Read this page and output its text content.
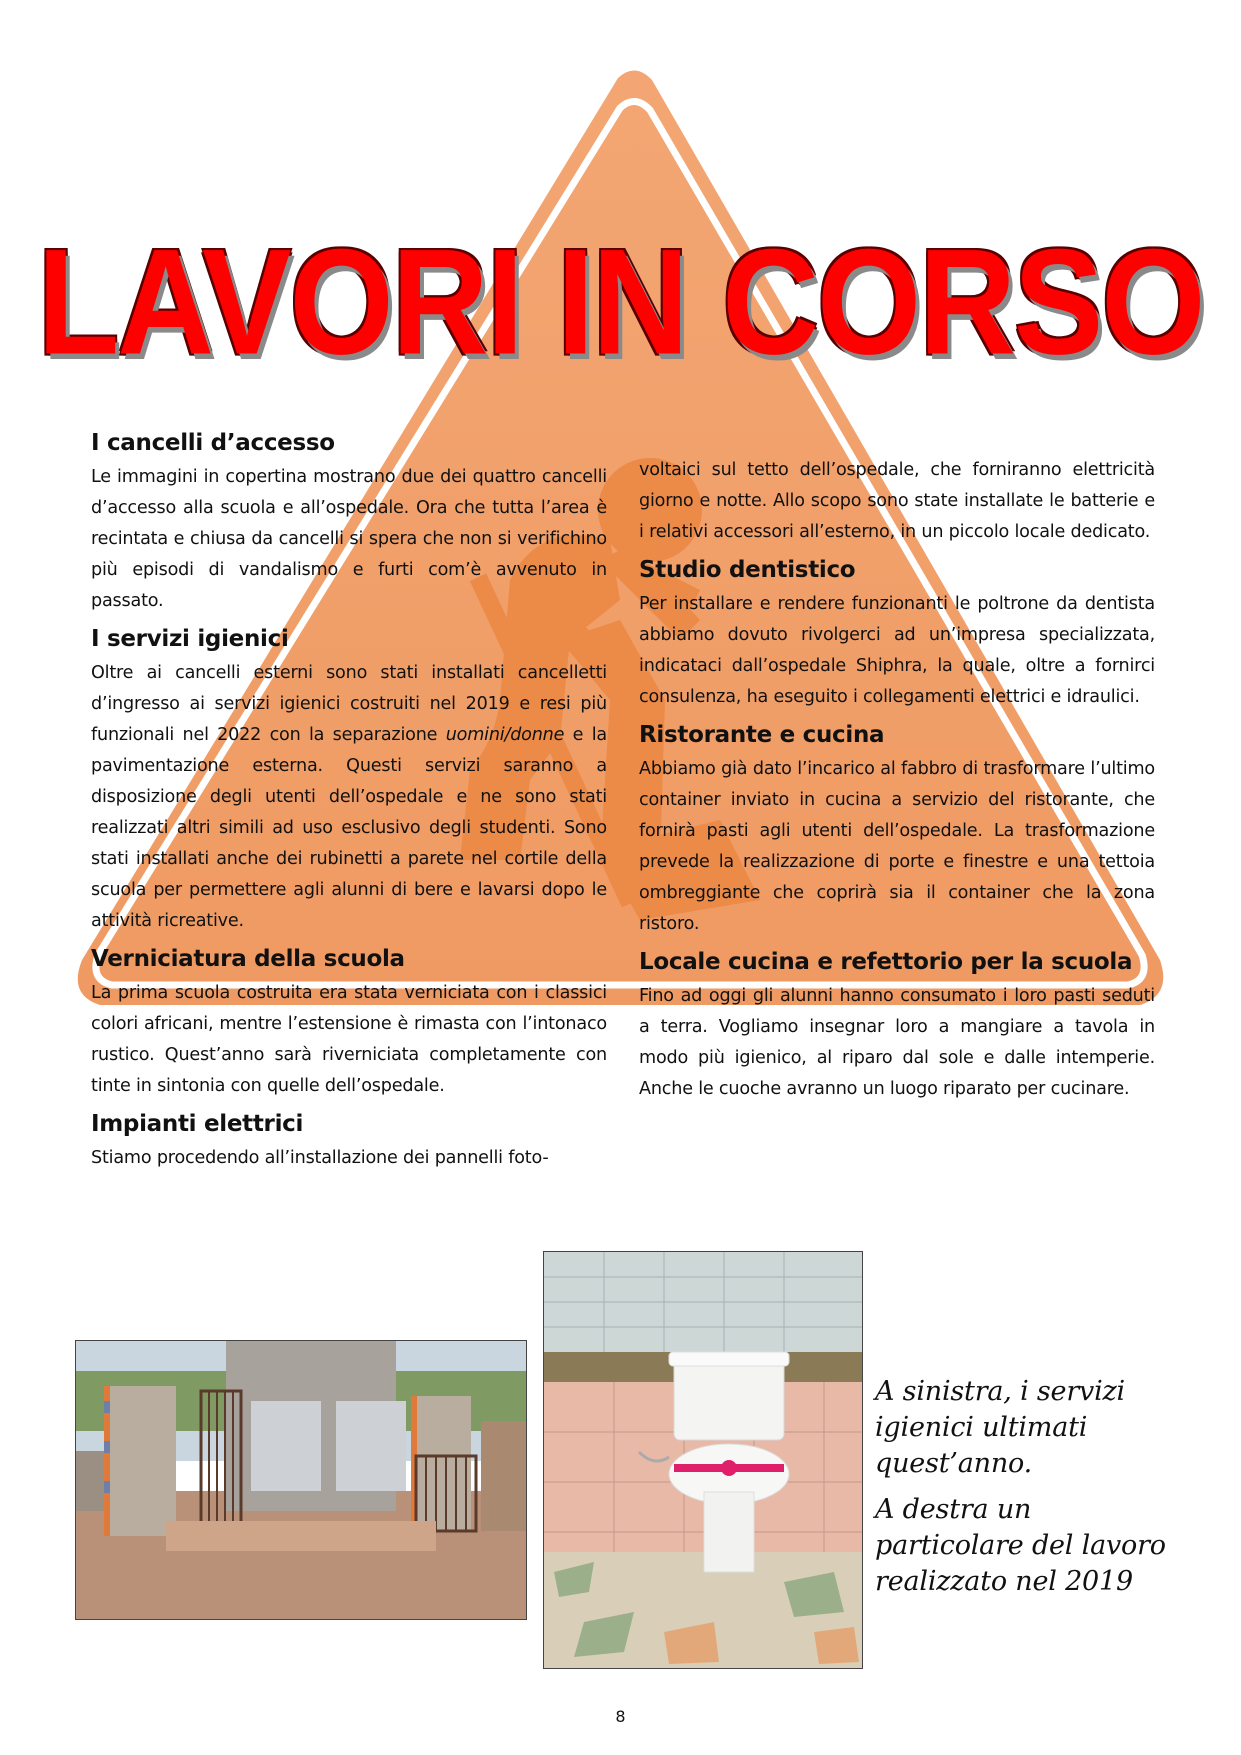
LAVORI IN CORSO
I cancelli d’accesso

Le immagini in copertina mostrano due dei quattro cancelli d’accesso alla scuola e all’ospedale. Ora che tutta l’area è recintata e chiusa da cancelli si spera che non si verifichino più episodi di vandalismo e furti com’è avvenuto in passato.

I servizi igienici

Oltre ai cancelli esterni sono stati installati cancelletti d’ingresso ai servizi igienici costruiti nel 2019 e resi più funzionali nel 2022 con la separazione uomini/donne e la pavimentazione esterna. Questi servizi saranno a disposizione degli utenti dell’ospedale e ne sono stati realizzati altri simili ad uso esclusivo degli studenti. Sono stati installati anche dei rubinetti a parete nel cortile della scuola per permettere agli alunni di bere e lavarsi dopo le attività ricreative.

Verniciatura della scuola

La prima scuola costruita era stata verniciata con i classici colori africani, mentre l’estensione è rimasta con l’intonaco rustico. Quest’anno sarà riverniciata completamente con tinte in sintonia con quelle dell’ospedale.

Impianti elettrici

Stiamo procedendo all’installazione dei pannelli foto-

voltaici sul tetto dell’ospedale, che forniranno elettricità giorno e notte. Allo scopo sono state installate le batterie e i relativi accessori all’esterno, in un piccolo locale dedicato.

Studio dentistico

Per installare e rendere funzionanti le poltrone da dentista abbiamo dovuto rivolgerci ad un’impresa specializzata, indicataci dall’ospedale Shiphra, la quale, oltre a fornirci consulenza, ha eseguito i collegamenti elettrici e idraulici.

Ristorante e cucina

Abbiamo già dato l’incarico al fabbro di trasformare l’ultimo container inviato in cucina a servizio del ristorante, che fornirà pasti agli utenti dell’ospedale. La trasformazione prevede la realizzazione di porte e finestre e una tettoia ombreggiante che coprirà sia il container che la zona ristoro.

Locale cucina e refettorio per la scuola

Fino ad oggi gli alunni hanno consumato i loro pasti seduti a terra. Vogliamo insegnar loro a mangiare a tavola in modo più igienico, al riparo dal sole e dalle intemperie. Anche le cuoche avranno un luogo riparato per cucinare.

A sinistra, i servizi igienici ultimati quest’anno.

A destra un particolare del lavoro realizzato nel 2019

8
